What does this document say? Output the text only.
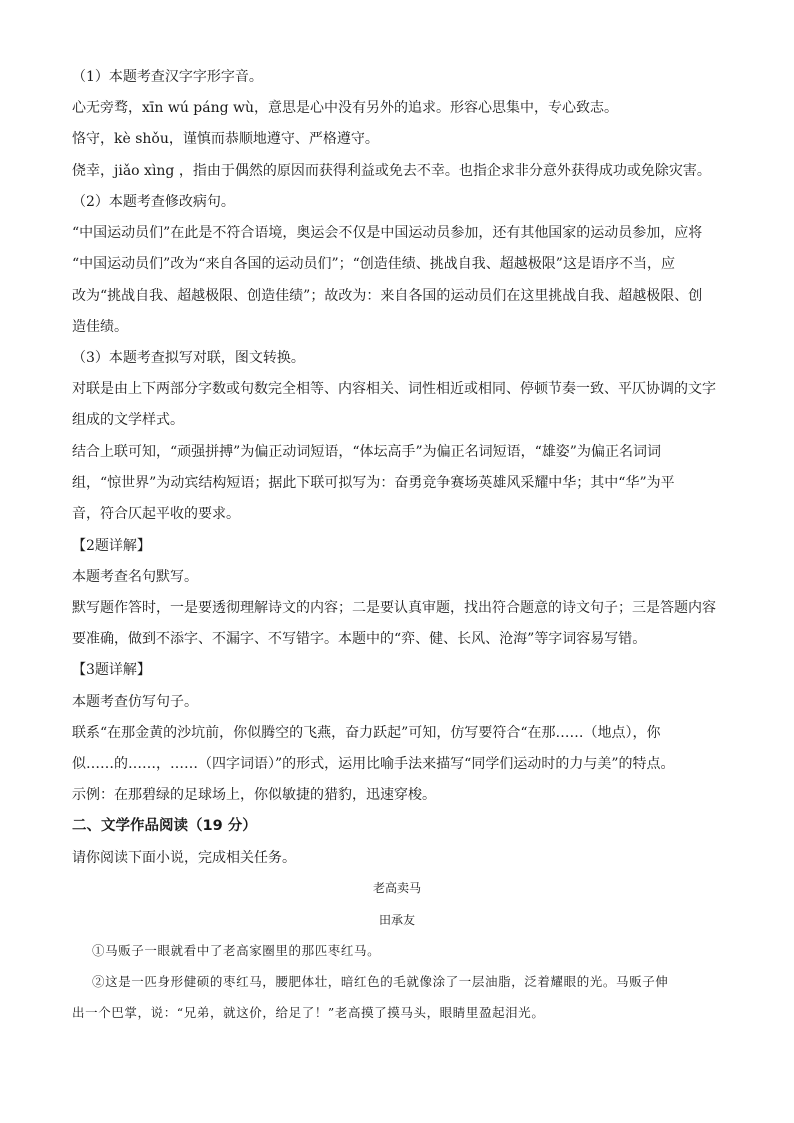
（1）本题考查汉字字形字音。
心无旁骛，xīn wú páng wù，意思是心中没有另外的追求。形容心思集中，专心致志。
恪守，kè shǒu，谨慎而恭顺地遵守、严格遵守。
侥幸，jiǎo xìng ，指由于偶然的原因而获得利益或免去不幸。也指企求非分意外获得成功或免除灾害。
（2）本题考查修改病句。
“中国运动员们”在此是不符合语境，奥运会不仅是中国运动员参加，还有其他国家的运动员参加，应将
“中国运动员们”改为“来自各国的运动员们”；“创造佳绩、挑战自我、超越极限”这是语序不当，应
改为“挑战自我、超越极限、创造佳绩”；故改为：来自各国的运动员们在这里挑战自我、超越极限、创
造佳绩。
（3）本题考查拟写对联，图文转换。
对联是由上下两部分字数或句数完全相等、内容相关、词性相近或相同、停顿节奏一致、平仄协调的文字
组成的文学样式。
结合上联可知，“顽强拼搏”为偏正动词短语，“体坛高手”为偏正名词短语，“雄姿”为偏正名词词
组，“惊世界”为动宾结构短语；据此下联可拟写为：奋勇竞争赛场英雄风采耀中华；其中“华”为平
音，符合仄起平收的要求。
【2题详解】
本题考查名句默写。
默写题作答时，一是要透彻理解诗文的内容；二是要认真审题，找出符合题意的诗文句子；三是答题内容
要准确，做到不添字、不漏字、不写错字。本题中的“弈、健、长风、沧海”等字词容易写错。
【3题详解】
本题考查仿写句子。
联系“在那金黄的沙坑前，你似腾空的飞燕，奋力跃起”可知，仿写要符合“在那……（地点），你
似……的……，……（四字词语）”的形式，运用比喻手法来描写“同学们运动时的力与美”的特点。
示例：在那碧绿的足球场上，你似敏捷的猎豹，迅速穿梭。
二、文学作品阅读（19 分）
请你阅读下面小说，完成相关任务。
老高卖马
田承友
①马贩子一眼就看中了老高家圈里的那匹枣红马。
②这是一匹身形健硕的枣红马，腰肥体壮，暗红色的毛就像涂了一层油脂，泛着耀眼的光。马贩子伸
出一个巴掌，说：“兄弟，就这价，给足了！”老高摸了摸马头，眼睛里盈起泪光。
